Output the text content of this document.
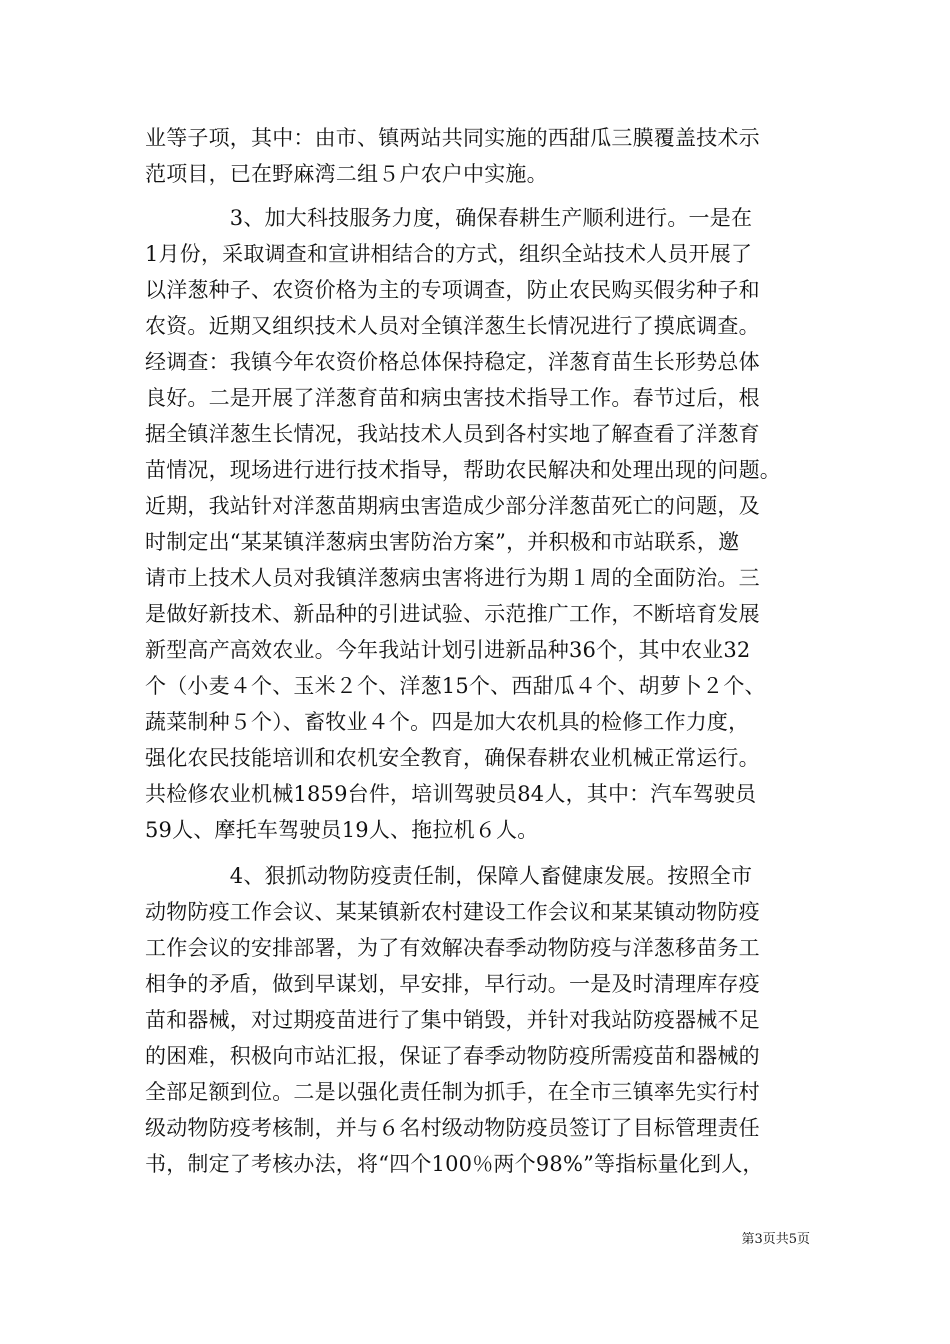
业等子项，其中：由市、镇两站共同实施的西甜瓜三膜覆盖技术示
范项目，已在野麻湾二组５户农户中实施。
　　　　3、加大科技服务力度，确保春耕生产顺利进行。一是在
1月份，采取调查和宣讲相结合的方式，组织全站技术人员开展了
以洋葱种子、农资价格为主的专项调查，防止农民购买假劣种子和
农资。近期又组织技术人员对全镇洋葱生长情况进行了摸底调查。
经调查：我镇今年农资价格总体保持稳定，洋葱育苗生长形势总体
良好。二是开展了洋葱育苗和病虫害技术指导工作。春节过后，根
据全镇洋葱生长情况，我站技术人员到各村实地了解查看了洋葱育
苗情况，现场进行进行技术指导，帮助农民解决和处理出现的问题。
近期，我站针对洋葱苗期病虫害造成少部分洋葱苗死亡的问题，及
时制定出“某某镇洋葱病虫害防治方案”，并积极和市站联系，邀
请市上技术人员对我镇洋葱病虫害将进行为期１周的全面防治。三
是做好新技术、新品种的引进试验、示范推广工作，不断培育发展
新型高产高效农业。今年我站计划引进新品种36个，其中农业32
个（小麦４个、玉米２个、洋葱15个、西甜瓜４个、胡萝卜２个、
蔬菜制种５个）、畜牧业４个。四是加大农机具的检修工作力度，
强化农民技能培训和农机安全教育，确保春耕农业机械正常运行。
共检修农业机械1859台件，培训驾驶员84人，其中：汽车驾驶员
59人、摩托车驾驶员19人、拖拉机６人。
　　　　4、狠抓动物防疫责任制，保障人畜健康发展。按照全市
动物防疫工作会议、某某镇新农村建设工作会议和某某镇动物防疫
工作会议的安排部署，为了有效解决春季动物防疫与洋葱移苗务工
相争的矛盾，做到早谋划，早安排，早行动。一是及时清理库存疫
苗和器械，对过期疫苗进行了集中销毁，并针对我站防疫器械不足
的困难，积极向市站汇报，保证了春季动物防疫所需疫苗和器械的
全部足额到位。二是以强化责任制为抓手，在全市三镇率先实行村
级动物防疫考核制，并与６名村级动物防疫员签订了目标管理责任
书，制定了考核办法，将“四个100％两个98%”等指标量化到人，
第3页共5页
